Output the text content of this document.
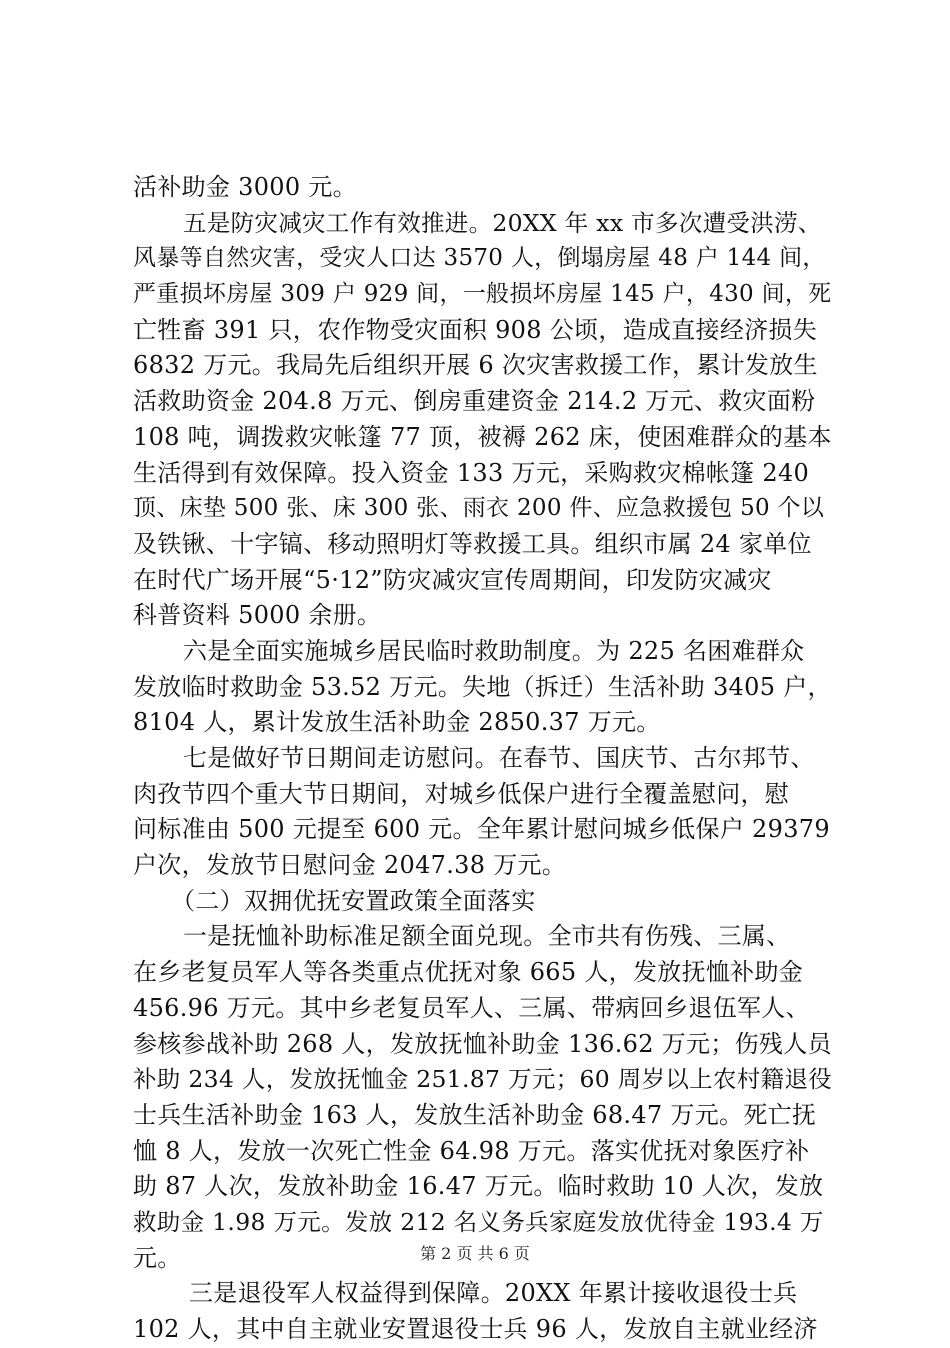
活补助金 3000 元。
五是防灾减灾工作有效推进。20XX 年 xx 市多次遭受洪涝、
风暴等自然灾害，受灾人口达 3570 人，倒塌房屋 48 户 144 间，
严重损坏房屋 309 户 929 间，一般损坏房屋 145 户，430 间，死
亡牲畜 391 只，农作物受灾面积 908 公顷，造成直接经济损失
6832 万元。我局先后组织开展 6 次灾害救援工作，累计发放生
活救助资金 204.8 万元、倒房重建资金 214.2 万元、救灾面粉
108 吨，调拨救灾帐篷 77 顶，被褥 262 床，使困难群众的基本
生活得到有效保障。投入资金 133 万元，采购救灾棉帐篷 240
顶、床垫 500 张、床 300 张、雨衣 200 件、应急救援包 50 个以
及铁锹、十字镐、移动照明灯等救援工具。组织市属 24 家单位
在时代广场开展“5·12”防灾减灾宣传周期间，印发防灾减灾
科普资料 5000 余册。
六是全面实施城乡居民临时救助制度。为 225 名困难群众
发放临时救助金 53.52 万元。失地（拆迁）生活补助 3405 户，
8104 人，累计发放生活补助金 2850.37 万元。
七是做好节日期间走访慰问。在春节、国庆节、古尔邦节、
肉孜节四个重大节日期间，对城乡低保户进行全覆盖慰问，慰
问标准由 500 元提至 600 元。全年累计慰问城乡低保户 29379
户次，发放节日慰问金 2047.38 万元。
（二）双拥优抚安置政策全面落实
一是抚恤补助标准足额全面兑现。全市共有伤残、三属、
在乡老复员军人等各类重点优抚对象 665 人，发放抚恤补助金
456.96 万元。其中乡老复员军人、三属、带病回乡退伍军人、
参核参战补助 268 人，发放抚恤补助金 136.62 万元；伤残人员
补助 234 人，发放抚恤金 251.87 万元；60 周岁以上农村籍退役
士兵生活补助金 163 人，发放生活补助金 68.47 万元。死亡抚
恤 8 人，发放一次死亡性金 64.98 万元。落实优抚对象医疗补
助 87 人次，发放补助金 16.47 万元。临时救助 10 人次，发放
救助金 1.98 万元。发放 212 名义务兵家庭发放优待金 193.4 万
元。
三是退役军人权益得到保障。20XX 年累计接收退役士兵
102 人，其中自主就业安置退役士兵 96 人，发放自主就业经济
第 2 页 共 6 页
